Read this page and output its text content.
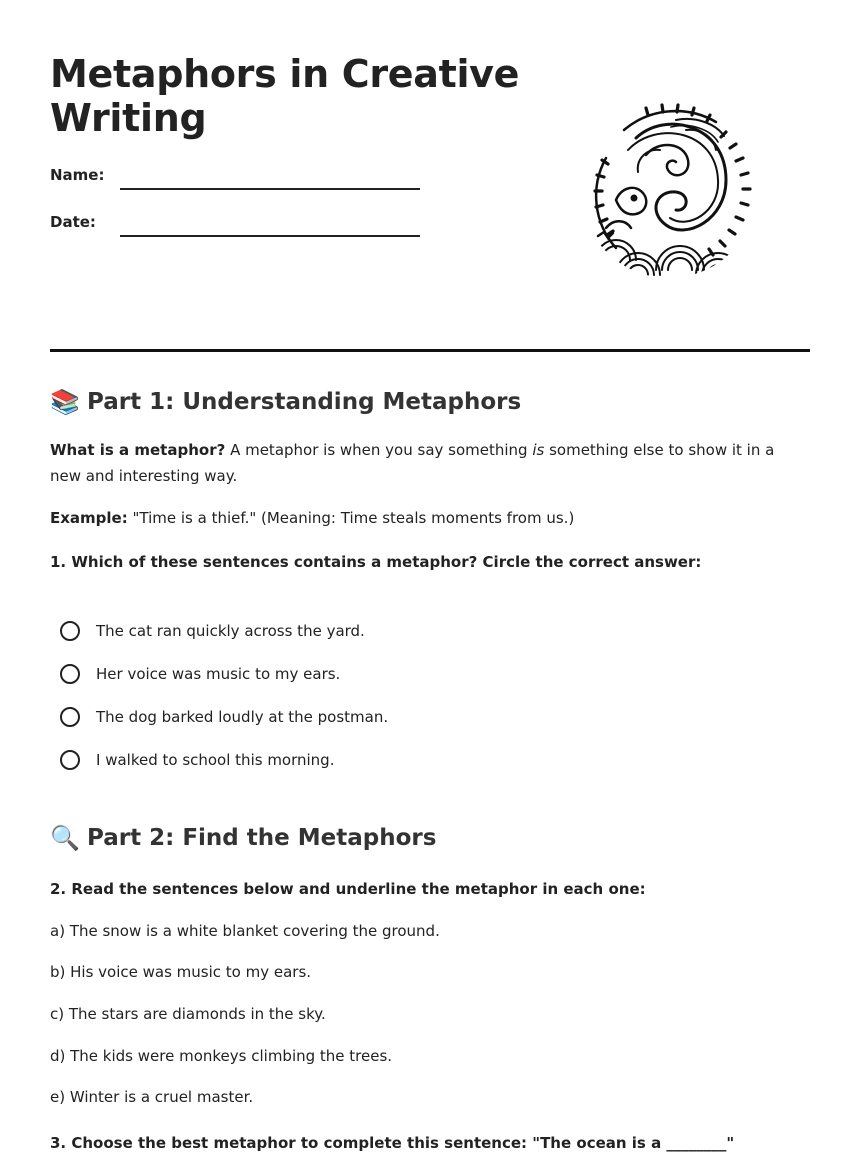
Metaphors in Creative Writing
Name:
Date:
📚 Part 1: Understanding Metaphors

What is a metaphor? A metaphor is when you say something is something else to show it in a new and interesting way.

Example: "Time is a thief." (Meaning: Time steals moments from us.)

1. Which of these sentences contains a metaphor? Circle the correct answer:

The cat ran quickly across the yard.
Her voice was music to my ears.
The dog barked loudly at the postman.
I walked to school this morning.
🔍 Part 2: Find the Metaphors

2. Read the sentences below and underline the metaphor in each one:

a) The snow is a white blanket covering the ground.
b) His voice was music to my ears.
c) The stars are diamonds in the sky.
d) The kids were monkeys climbing the trees.
e) Winter is a cruel master.

3. Choose the best metaphor to complete this sentence: "The ocean is a ________"
